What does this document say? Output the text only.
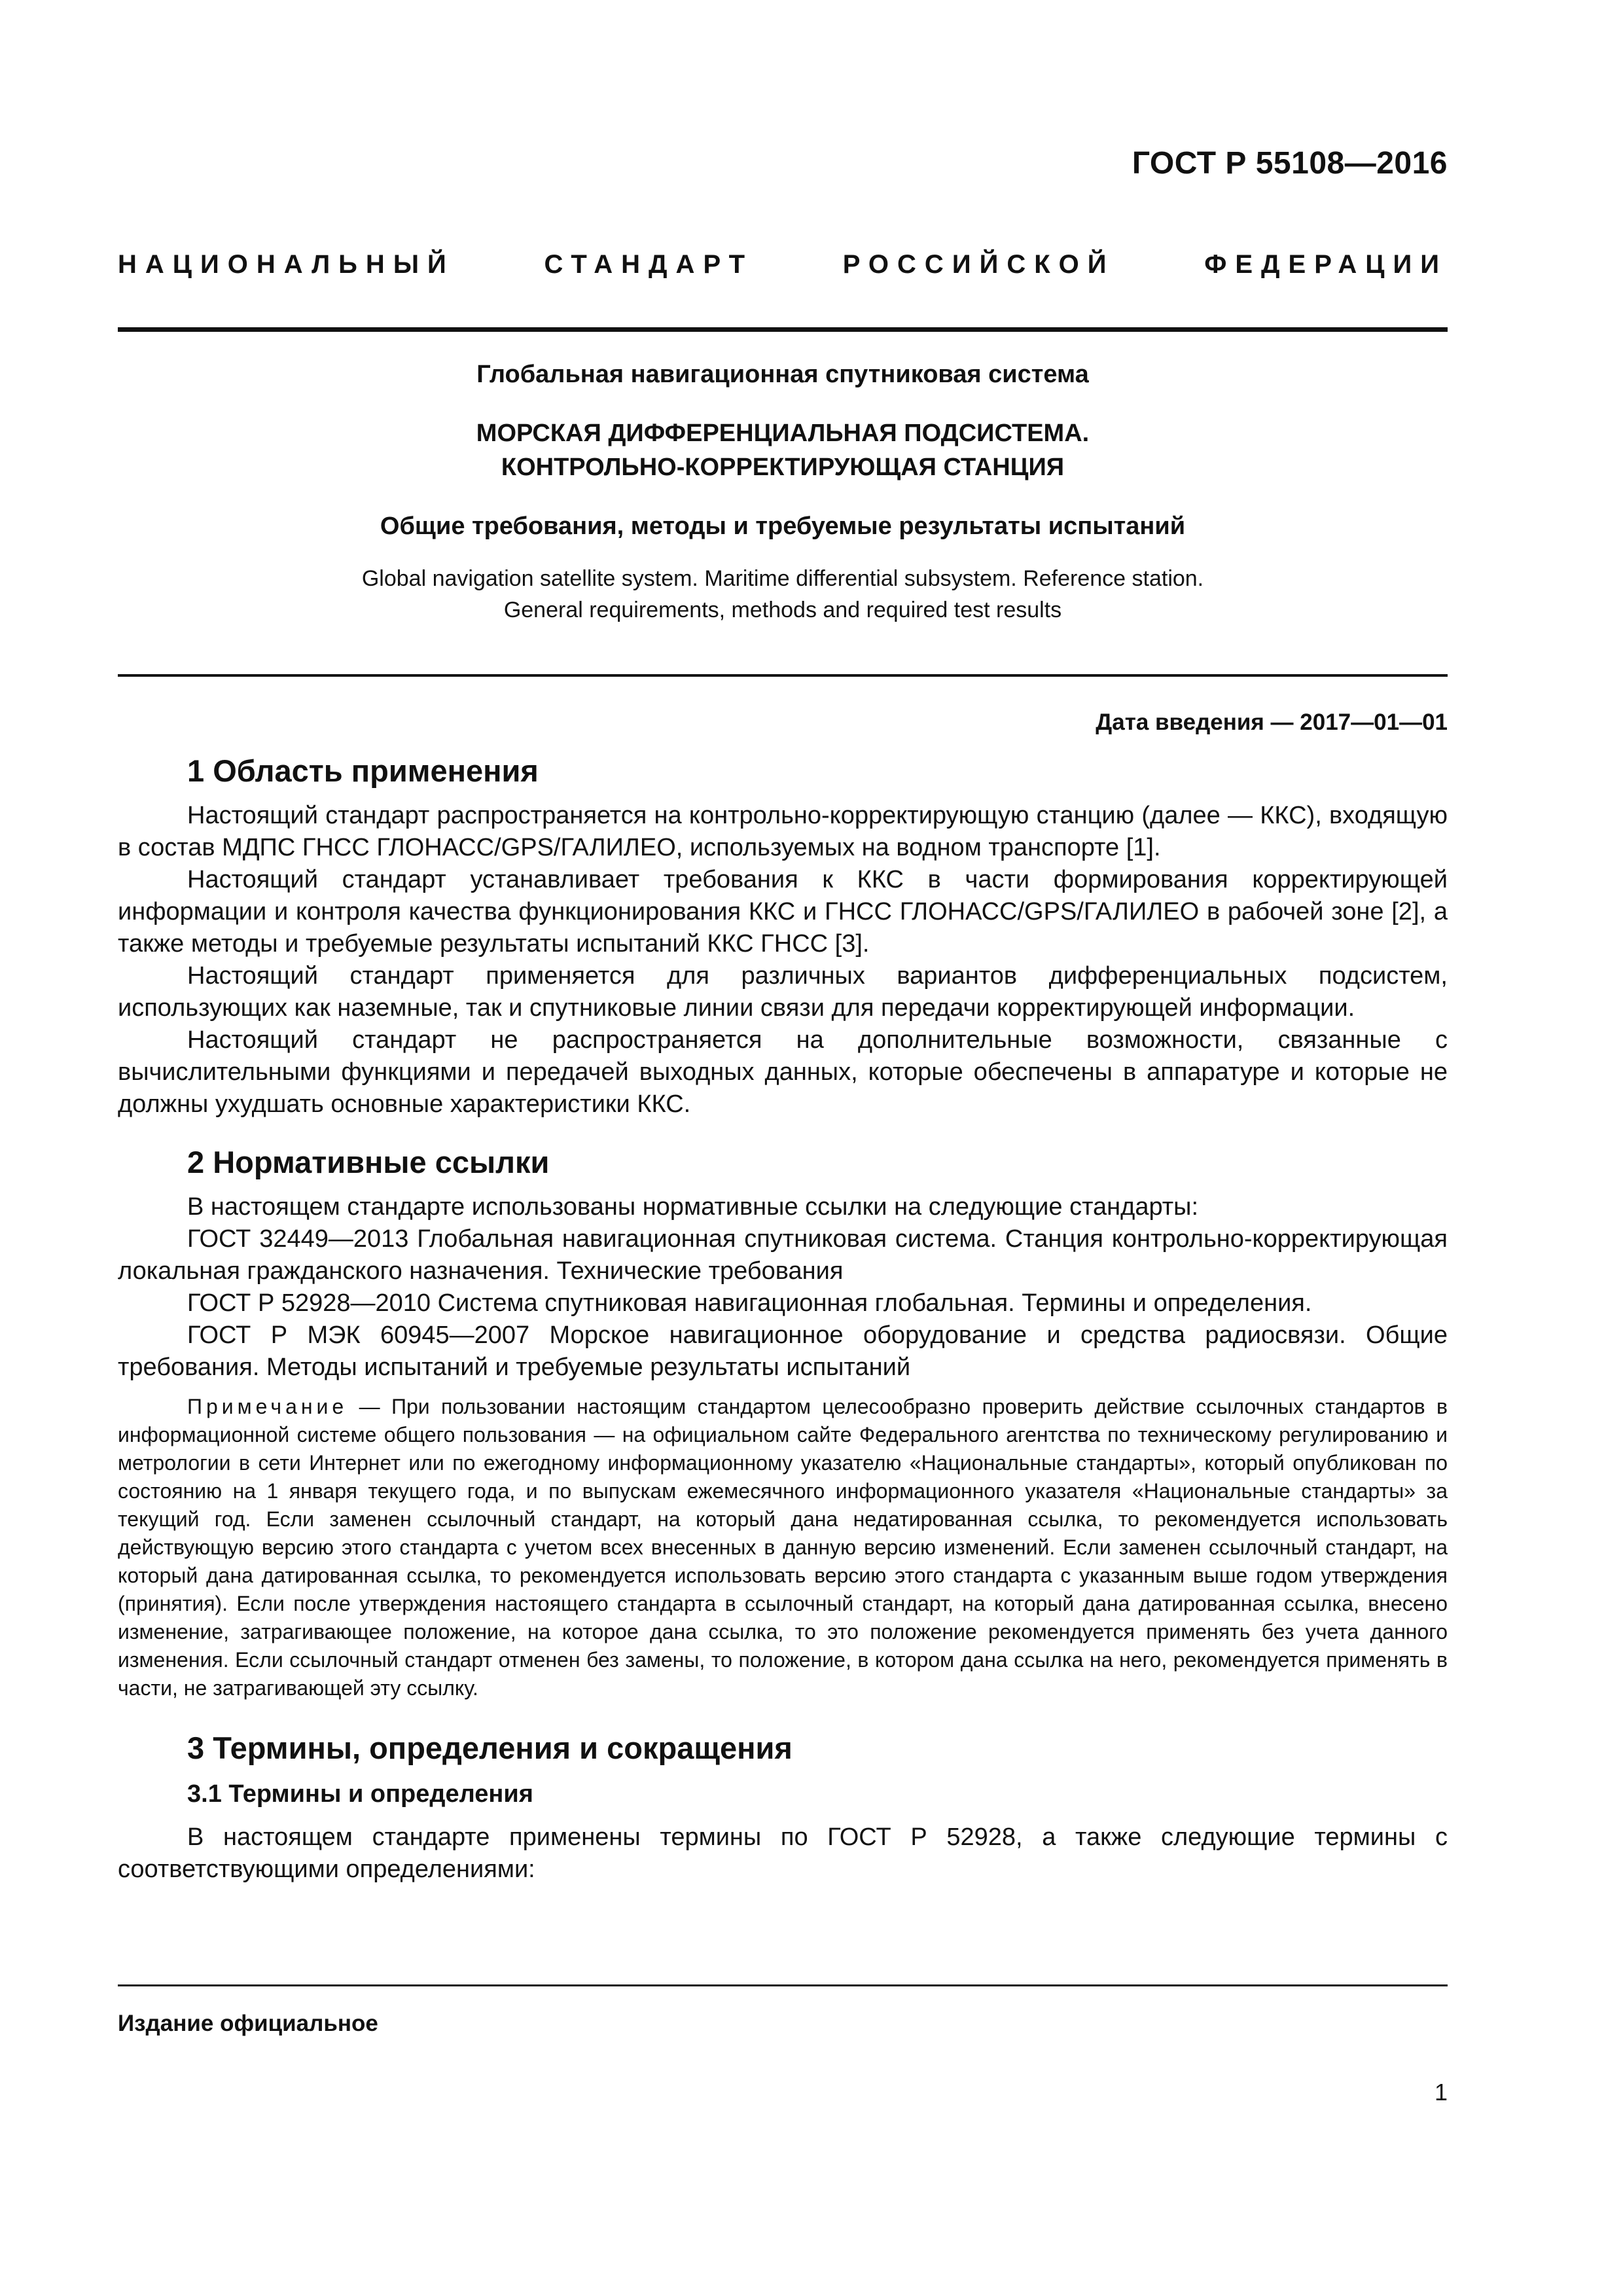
ГОСТ Р 55108—2016
НАЦИОНАЛЬНЫЙ СТАНДАРТ РОССИЙСКОЙ ФЕДЕРАЦИИ
Глобальная навигационная спутниковая система
МОРСКАЯ ДИФФЕРЕНЦИАЛЬНАЯ ПОДСИСТЕМА.
КОНТРОЛЬНО-КОРРЕКТИРУЮЩАЯ СТАНЦИЯ
Общие требования, методы и требуемые результаты испытаний
Global navigation satellite system. Maritime differential subsystem. Reference station.
General requirements, methods and required test results
Дата введения — 2017—01—01
1 Область применения

Настоящий стандарт распространяется на контрольно-корректирующую станцию (далее — ККС), входящую в состав МДПС ГНСС ГЛОНАСС/GPS/ГАЛИЛЕО, используемых на водном транспорте [1].

Настоящий стандарт устанавливает требования к ККС в части формирования корректирующей информации и контроля качества функционирования ККС и ГНСС ГЛОНАСС/GPS/ГАЛИЛЕО в рабочей зоне [2], а также методы и требуемые результаты испытаний ККС ГНСС [3].

Настоящий стандарт применяется для различных вариантов дифференциальных подсистем, использующих как наземные, так и спутниковые линии связи для передачи корректирующей информации.

Настоящий стандарт не распространяется на дополнительные возможности, связанные с вычислительными функциями и передачей выходных данных, которые обеспечены в аппаратуре и которые не должны ухудшать основные характеристики ККС.

2 Нормативные ссылки

В настоящем стандарте использованы нормативные ссылки на следующие стандарты:

ГОСТ 32449—2013 Глобальная навигационная спутниковая система. Станция контрольно-корректирующая локальная гражданского назначения. Технические требования

ГОСТ Р 52928—2010 Система спутниковая навигационная глобальная. Термины и определения.

ГОСТ Р МЭК 60945—2007 Морское навигационное оборудование и средства радиосвязи. Общие требования. Методы испытаний и требуемые результаты испытаний

Примечание — При пользовании настоящим стандартом целесообразно проверить действие ссылочных стандартов в информационной системе общего пользования — на официальном сайте Федерального агентства по техническому регулированию и метрологии в сети Интернет или по ежегодному информационному указателю «Национальные стандарты», который опубликован по состоянию на 1 января текущего года, и по выпускам ежемесячного информационного указателя «Национальные стандарты» за текущий год. Если заменен ссылочный стандарт, на который дана недатированная ссылка, то рекомендуется использовать действующую версию этого стандарта с учетом всех внесенных в данную версию изменений. Если заменен ссылочный стандарт, на который дана датированная ссылка, то рекомендуется использовать версию этого стандарта с указанным выше годом утверждения (принятия). Если после утверждения настоящего стандарта в ссылочный стандарт, на который дана датированная ссылка, внесено изменение, затрагивающее положение, на которое дана ссылка, то это положение рекомендуется применять без учета данного изменения. Если ссылочный стандарт отменен без замены, то положение, в котором дана ссылка на него, рекомендуется применять в части, не затрагивающей эту ссылку.

3 Термины, определения и сокращения
3.1 Термины и определения

В настоящем стандарте применены термины по ГОСТ Р 52928, а также следующие термины с соответствующими определениями:

Издание официальное
1
